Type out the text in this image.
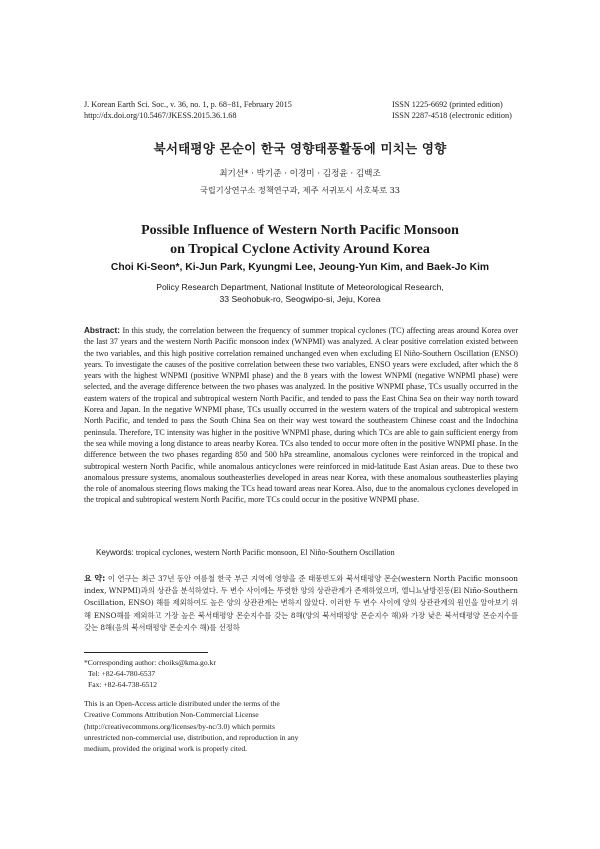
J. Korean Earth Sci. Soc., v. 36, no. 1, p. 68−81, February 2015
http://dx.doi.org/10.5467/JKESS.2015.36.1.68
ISSN 1225-6692 (printed edition)
ISSN 2287-4518 (electronic edition)
북서태평양 몬순이 한국 영향태풍활동에 미치는 영향
최기선* · 박기준 · 이경미 · 김정윤 · 김백조
국립기상연구소 정책연구과, 제주 서귀포시 서호북로 33
Possible Influence of Western North Pacific Monsoon
on Tropical Cyclone Activity Around Korea
Choi Ki-Seon*, Ki-Jun Park, Kyungmi Lee, Jeoung-Yun Kim, and Baek-Jo Kim
Policy Research Department, National Institute of Meteorological Research,
33 Seohobuk-ro, Seogwipo-si, Jeju, Korea
Abstract: In this study, the correlation between the frequency of summer tropical cyclones (TC) affecting areas around Korea over the last 37 years and the western North Pacific monsoon index (WNPMI) was analyzed. A clear positive correlation existed between the two variables, and this high positive correlation remained unchanged even when excluding El Niño-Southern Oscillation (ENSO) years. To investigate the causes of the positive correlation between these two variables, ENSO years were excluded, after which the 8 years with the highest WNPMI (positive WNPMI phase) and the 8 years with the lowest WNPMI (negative WNPMI phase) were selected, and the average difference between the two phases was analyzed. In the positive WNPMI phase, TCs usually occurred in the eastern waters of the tropical and subtropical western North Pacific, and tended to pass the East China Sea on their way north toward Korea and Japan. In the negative WNPMI phase, TCs usually occurred in the western waters of the tropical and subtropical western North Pacific, and tended to pass the South China Sea on their way west toward the southeastern Chinese coast and the Indochina peninsula. Therefore, TC intensity was higher in the positive WNPMI phase, during which TCs are able to gain sufficient energy from the sea while moving a long distance to areas nearby Korea. TCs also tended to occur more often in the positive WNPMI phase. In the difference between the two phases regarding 850 and 500 hPa streamline, anomalous cyclones were reinforced in the tropical and subtropical western North Pacific, while anomalous anticyclones were reinforced in mid-latitude East Asian areas. Due to these two anomalous pressure systems, anomalous southeasterlies developed in areas near Korea, with these anomalous southeasterlies playing the role of anomalous steering flows making the TCs head toward areas near Korea. Also, due to the anomalous cyclones developed in the tropical and subtropical western North Pacific, more TCs could occur in the positive WNPMI phase.
Keywords: tropical cyclones, western North Pacific monsoon, El Niño-Southern Oscillation
요 약: 이 연구는 최근 37년 동안 여름철 한국 부근 지역에 영향을 준 태풍빈도와 북서태평양 몬순(western North Pacific monsoon index, WNPMI)과의 상관을 분석하였다. 두 변수 사이에는 뚜렷한 양의 상관관계가 존재하였으며, 엘니뇨남방진동(El Niño-Southern Oscillation, ENSO) 해를 제외하여도 높은 양의 상관관계는 변하지 않았다. 이러한 두 변수 사이에 양의 상관관계의 원인을 알아보기 위해 ENSO해를 제외하고 가장 높은 북서태평양 몬순지수를 갖는 8해(양의 북서태평양 몬순지수 해)와 가장 낮은 북서태평양 몬순지수를 갖는 8해(음의 북서태평양 몬순지수 해)를 선정하
*Corresponding author: choiks@kma.go.kr
Tel: +82-64-780-6537
Fax: +82-64-738-6512
This is an Open-Access article distributed under the terms of the Creative Commons Attribution Non-Commercial License (http://creativecommons.org/licenses/by-nc/3.0) which permits unrestricted non-commercial use, distribution, and reproduction in any medium, provided the original work is properly cited.
